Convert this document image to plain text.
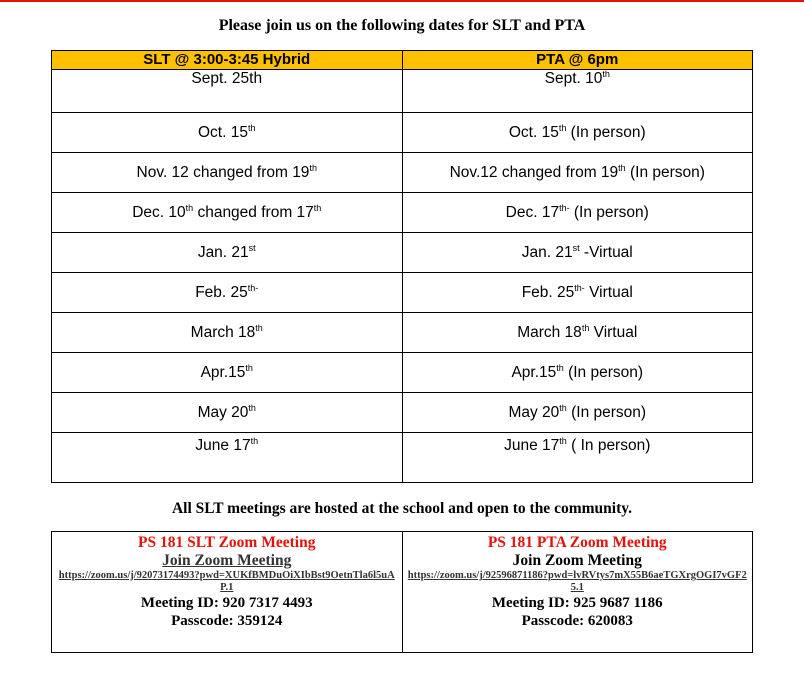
Please join us on the following dates for SLT and PTA
SLT @ 3:00-3:45 Hybrid	PTA @ 6pm
Sept. 25th	Sept. 10th
Oct. 15th	Oct. 15th (In person)
Nov. 12 changed from 19th	Nov.12 changed from 19th (In person)
Dec. 10th changed from 17th	Dec. $17^{th-}$ (In person)
Jan. 21st	Jan. 21st -Virtual
Feb. $25^{th-}$	Feb. $25^{th-}$ Virtual
March 18th	March 18th Virtual
Apr.15th	Apr.15th (In person)
May 20th	May 20th (In person)
June 17th	June 17th ( In person)
All SLT meetings are hosted at the school and open to the community.
PS 181 SLT Zoom Meeting
Join Zoom Meeting
https://zoom.us/j/92073174493?pwd=XUKfBMDuOiXIbBst9OetnTla6l5uAP.1
Meeting ID: 920 7317 4493
Passcode: 359124

PS 181 PTA Zoom Meeting
Join Zoom Meeting
https://zoom.us/j/92596871186?pwd=lvRVtys7mX55B6aeTGXrgOGI7vGF25.1
Meeting ID: 925 9687 1186
Passcode: 620083
